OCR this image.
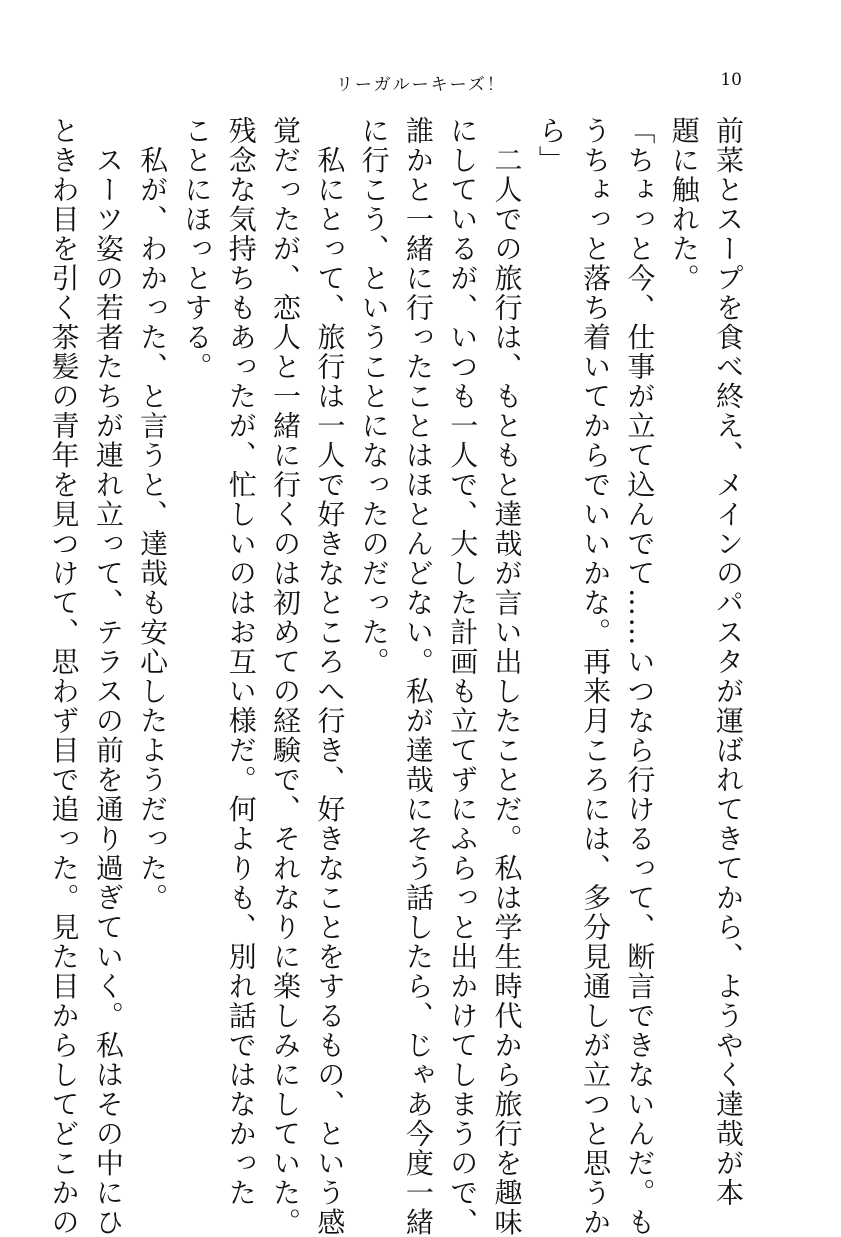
リーガルーキーズ！	10
前菜とスープを食べ終え、メインのパスタが運ばれてきてから、ようやく達哉が本
題に触れた。
「ちょっと今、仕事が立て込んでて……いつなら行けるって、断言できないんだ。も
うちょっと落ち着いてからでいいかな。再来月ころには、多分見通しが立つと思うか
ら」
　二人での旅行は、もともと達哉が言い出したことだ。私は学生時代から旅行を趣味
にしているが、いつも一人で、大した計画も立てずにふらっと出かけてしまうので、
誰かと一緒に行ったことはほとんどない。私が達哉にそう話したら、じゃあ今度一緒
に行こう、ということになったのだった。
　私にとって、旅行は一人で好きなところへ行き、好きなことをするもの、という感
覚だったが、恋人と一緒に行くのは初めての経験で、それなりに楽しみにしていた。
残念な気持ちもあったが、忙しいのはお互い様だ。何よりも、別れ話ではなかった
ことにほっとする。
　私が、わかった、と言うと、達哉も安心したようだった。
　スーツ姿の若者たちが連れ立って、テラスの前を通り過ぎていく。私はその中にひ
ときわ目を引く茶髪の青年を見つけて、思わず目で追った。見た目からしてどこかの
